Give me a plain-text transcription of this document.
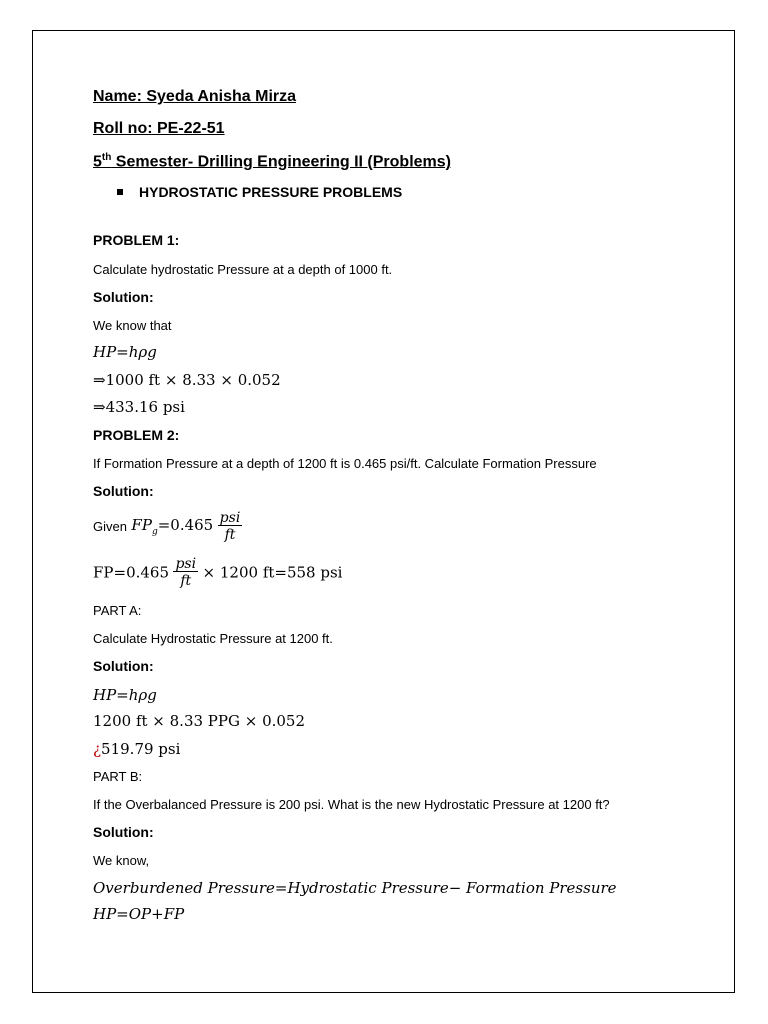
Name: Syeda Anisha Mirza
Roll no: PE-22-51
5th Semester- Drilling Engineering II (Problems)
HYDROSTATIC PRESSURE PROBLEMS
PROBLEM 1:
Calculate hydrostatic Pressure at a depth of 1000 ft.
Solution:
We know that
HP=hρg
⇒1000 ft × 8.33 × 0.052
⇒433.16 psi
PROBLEM 2:
If Formation Pressure at a depth of 1200 ft is 0.465 psi/ft. Calculate Formation Pressure
Solution:
Given $FP_g=0.465 \frac{\text{psi}}{ft}$
$FP=0.465 \frac{\text{psi}}{ft} \times 1200$ ft=558 psi
PART A:
Calculate Hydrostatic Pressure at 1200 ft.
Solution:
HP=hρg
1200 ft × 8.33 PPG × 0.052
¿519.79 psi
PART B:
If the Overbalanced Pressure is 200 psi. What is the new Hydrostatic Pressure at 1200 ft?
Solution:
We know,
Overburdened Pressure=Hydrostatic Pressure− Formation Pressure
HP=OP+FP
